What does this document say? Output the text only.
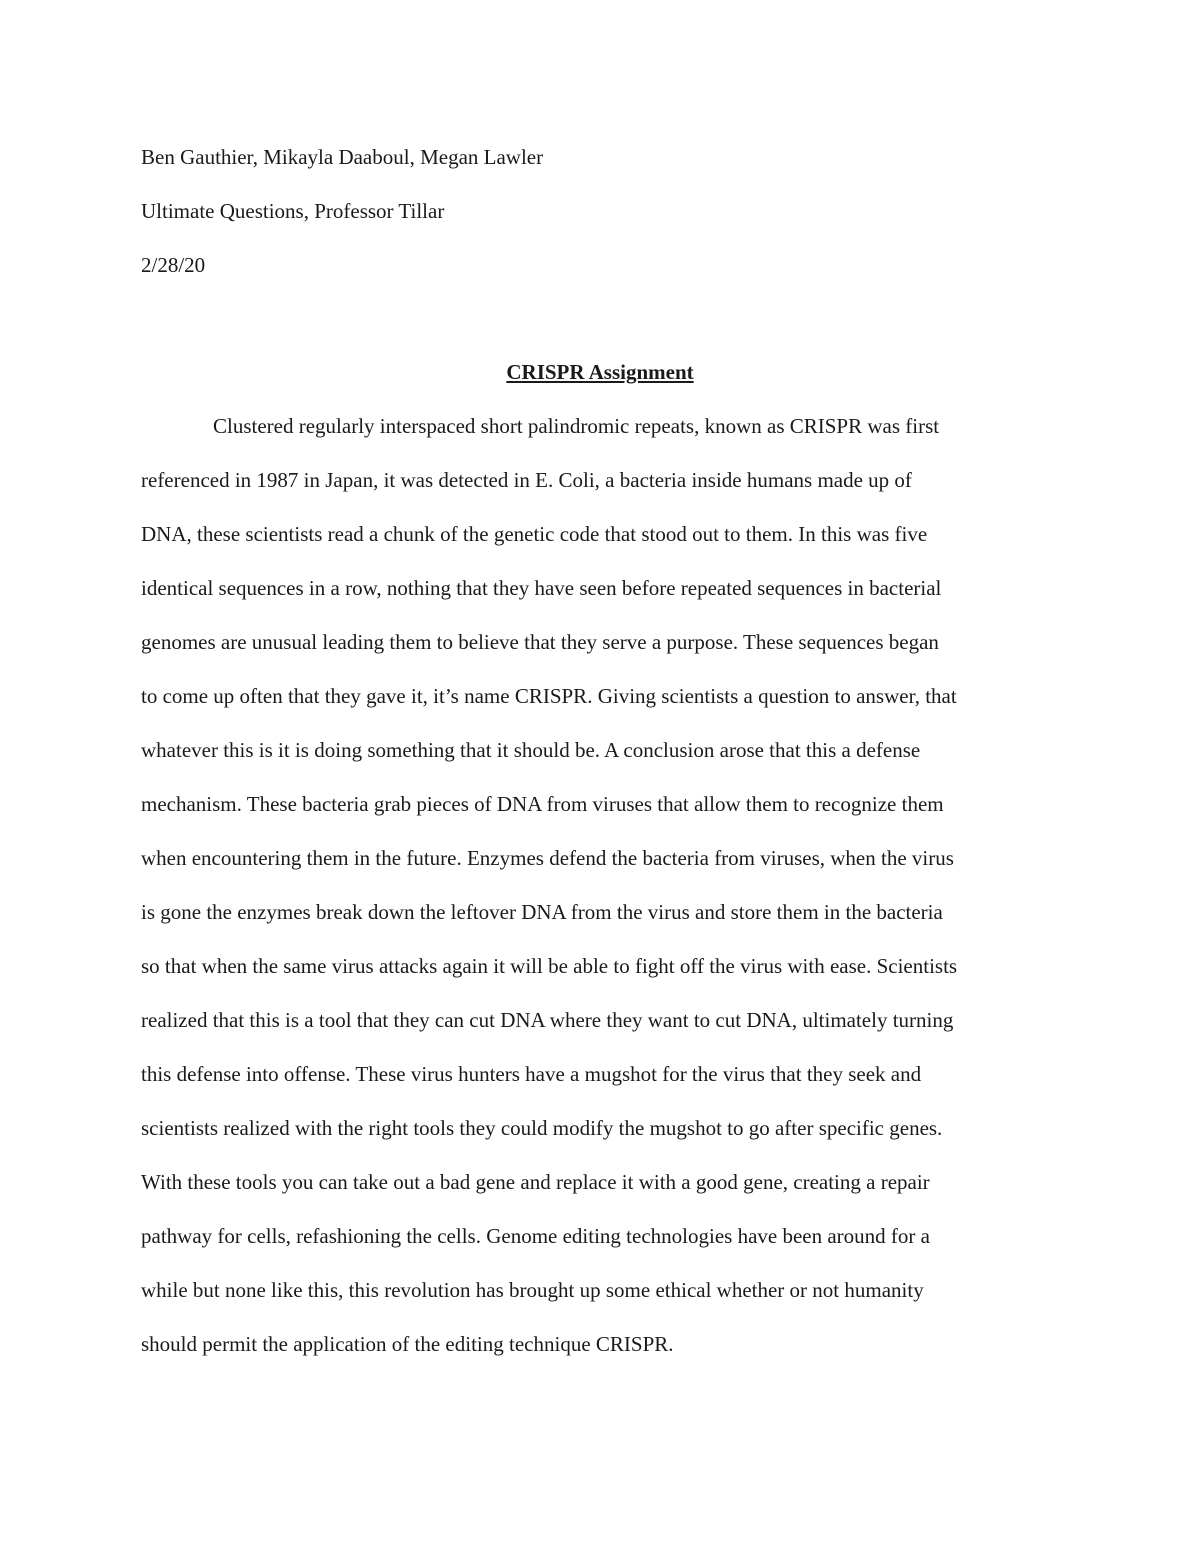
Ben Gauthier, Mikayla Daaboul, Megan Lawler
Ultimate Questions, Professor Tillar
2/28/20
CRISPR Assignment
Clustered regularly interspaced short palindromic repeats, known as CRISPR was first
referenced in 1987 in Japan, it was detected in E. Coli, a bacteria inside humans made up of
DNA, these scientists read a chunk of the genetic code that stood out to them. In this was five
identical sequences in a row, nothing that they have seen before repeated sequences in bacterial
genomes are unusual leading them to believe that they serve a purpose. These sequences began
to come up often that they gave it, it’s name CRISPR. Giving scientists a question to answer, that
whatever this is it is doing something that it should be. A conclusion arose that this a defense
mechanism. These bacteria grab pieces of DNA from viruses that allow them to recognize them
when encountering them in the future. Enzymes defend the bacteria from viruses, when the virus
is gone the enzymes break down the leftover DNA from the virus and store them in the bacteria
so that when the same virus attacks again it will be able to fight off the virus with ease. Scientists
realized that this is a tool that they can cut DNA where they want to cut DNA, ultimately turning
this defense into offense. These virus hunters have a mugshot for the virus that they seek and
scientists realized with the right tools they could modify the mugshot to go after specific genes.
With these tools you can take out a bad gene and replace it with a good gene, creating a repair
pathway for cells, refashioning the cells. Genome editing technologies have been around for a
while but none like this, this revolution has brought up some ethical whether or not humanity
should permit the application of the editing technique CRISPR.
